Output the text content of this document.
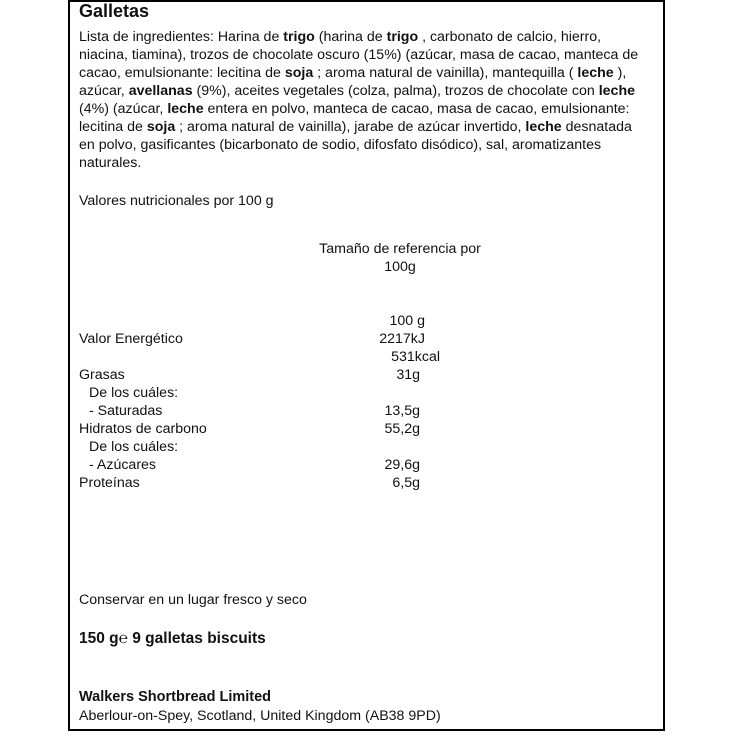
Galletas
Lista de ingredientes: Harina de trigo (harina de trigo , carbonato de calcio, hierro, niacina, tiamina), trozos de chocolate oscuro (15%) (azúcar, masa de cacao, manteca de cacao, emulsionante: lecitina de soja ; aroma natural de vainilla), mantequilla ( leche ), azúcar, avellanas (9%), aceites vegetales (colza, palma), trozos de chocolate con leche (4%) (azúcar, leche entera en polvo, manteca de cacao, masa de cacao, emulsionante: lecitina de soja ; aroma natural de vainilla), jarabe de azúcar invertido, leche desnatada en polvo, gasificantes (bicarbonato de sodio, difosfato disódico), sal, aromatizantes naturales.
Valores nutricionales por 100 g
Tamaño de referencia por
100g
100 g
Valor Energético	2217kJ
531kcal
Grasas	31g
De los cuáles:
- Saturadas	13,5g
Hidratos de carbono	55,2g
De los cuáles:
- Azúcares	29,6g
Proteínas	6,5g
Conservar en un lugar fresco y seco
150 g℮ 9 galletas biscuits
Walkers Shortbread Limited
Aberlour-on-Spey, Scotland, United Kingdom (AB38 9PD)
